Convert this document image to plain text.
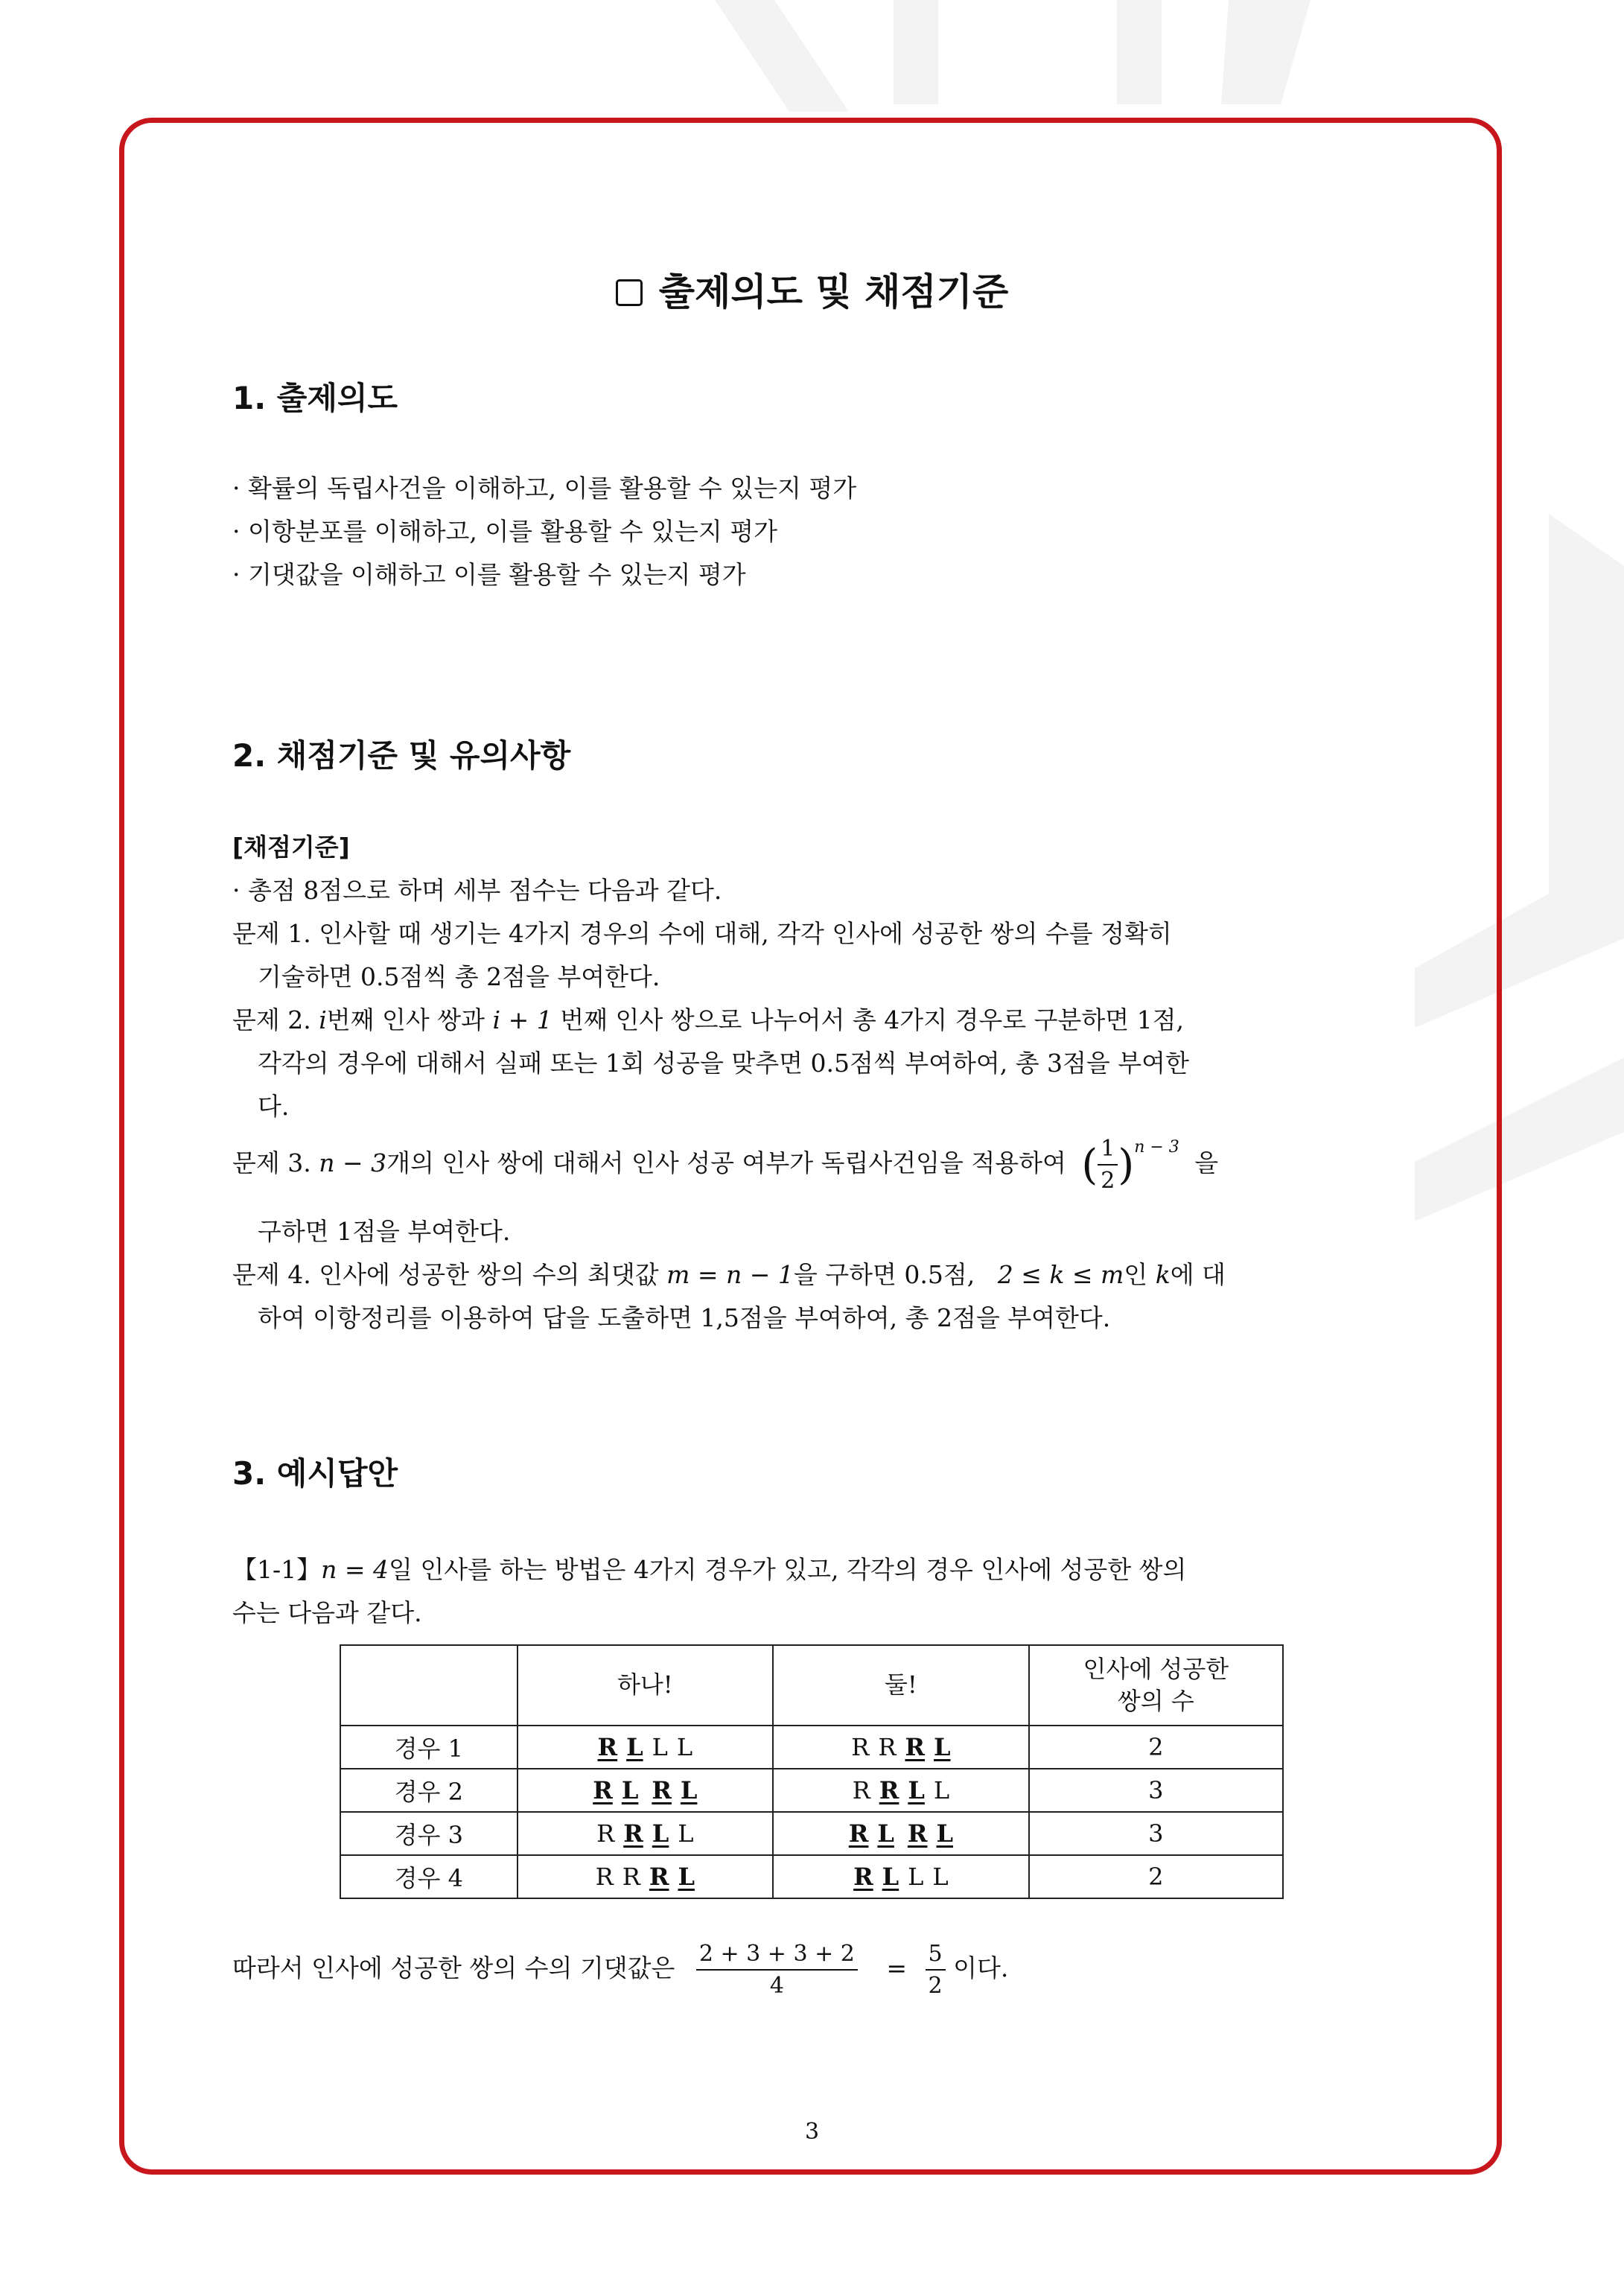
출제의도 및 채점기준
1. 출제의도
· 확률의 독립사건을 이해하고, 이를 활용할 수 있는지 평가
· 이항분포를 이해하고, 이를 활용할 수 있는지 평가
· 기댓값을 이해하고 이를 활용할 수 있는지 평가
2. 채점기준 및 유의사항
[채점기준]
· 총점 8점으로 하며 세부 점수는 다음과 같다.
문제 1. 인사할 때 생기는 4가지 경우의 수에 대해, 각각 인사에 성공한 쌍의 수를 정확히
기술하면 0.5점씩 총 2점을 부여한다.
문제 2. i번째 인사 쌍과 i + 1 번째 인사 쌍으로 나누어서 총 4가지 경우로 구분하면 1점,
각각의 경우에 대해서 실패 또는 1회 성공을 맞추면 0.5점씩 부여하여, 총 3점을 부여한
다.
문제 3. n − 3개의 인사 쌍에 대해서 인사 성공 여부가 독립사건임을 적용하여 ( $\frac{1}{2} )^{n - 3}$ 을
구하면 1점을 부여한다.
문제 4. 인사에 성공한 쌍의 수의 최댓값 m = n − 1을 구하면 0.5점, 2 ≤ k ≤ m인 k에 대
하여 이항정리를 이용하여 답을 도출하면 1,5점을 부여하여, 총 2점을 부여한다.
3. 예시답안
【1-1】n = 4일 인사를 하는 방법은 4가지 경우가 있고, 각각의 경우 인사에 성공한 쌍의
수는 다음과 같다.
	하나!	둘!	인사에 성공한
쌍의 수
경우 1	R L L L	R R R L	2
경우 2	R L R L	R R L L	3
경우 3	R R L L	R L R L	3
경우 4	R R R L	R L L L	2
따라서 인사에 성공한 쌍의 수의 기댓값은 $\frac{2 + 3 + 3 + 2}{4} = \frac{5}{2}$ 이다.
3
